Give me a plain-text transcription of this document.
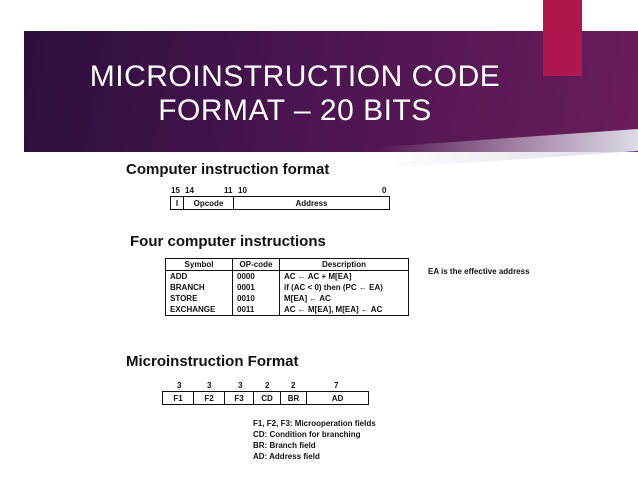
MICROINSTRUCTION CODE
FORMAT – 20 BITS
Computer instruction format
15 14	11 10	0
I	Opcode	Address
Four computer instructions
Symbol	OP-code	Description
ADD	0000	AC ← AC + M[EA]
BRANCH	0001	if (AC < 0) then (PC ← EA)
STORE	0010	M[EA] ← AC
EXCHANGE	0011	AC ← M[EA], M[EA] ← AC
EA is the effective address
Microinstruction Format
3	3	3	2	2	7
F1	F2	F3	CD	BR	AD
F1, F2, F3: Microoperation fields
CD: Condition for branching
BR: Branch field
AD: Address field
